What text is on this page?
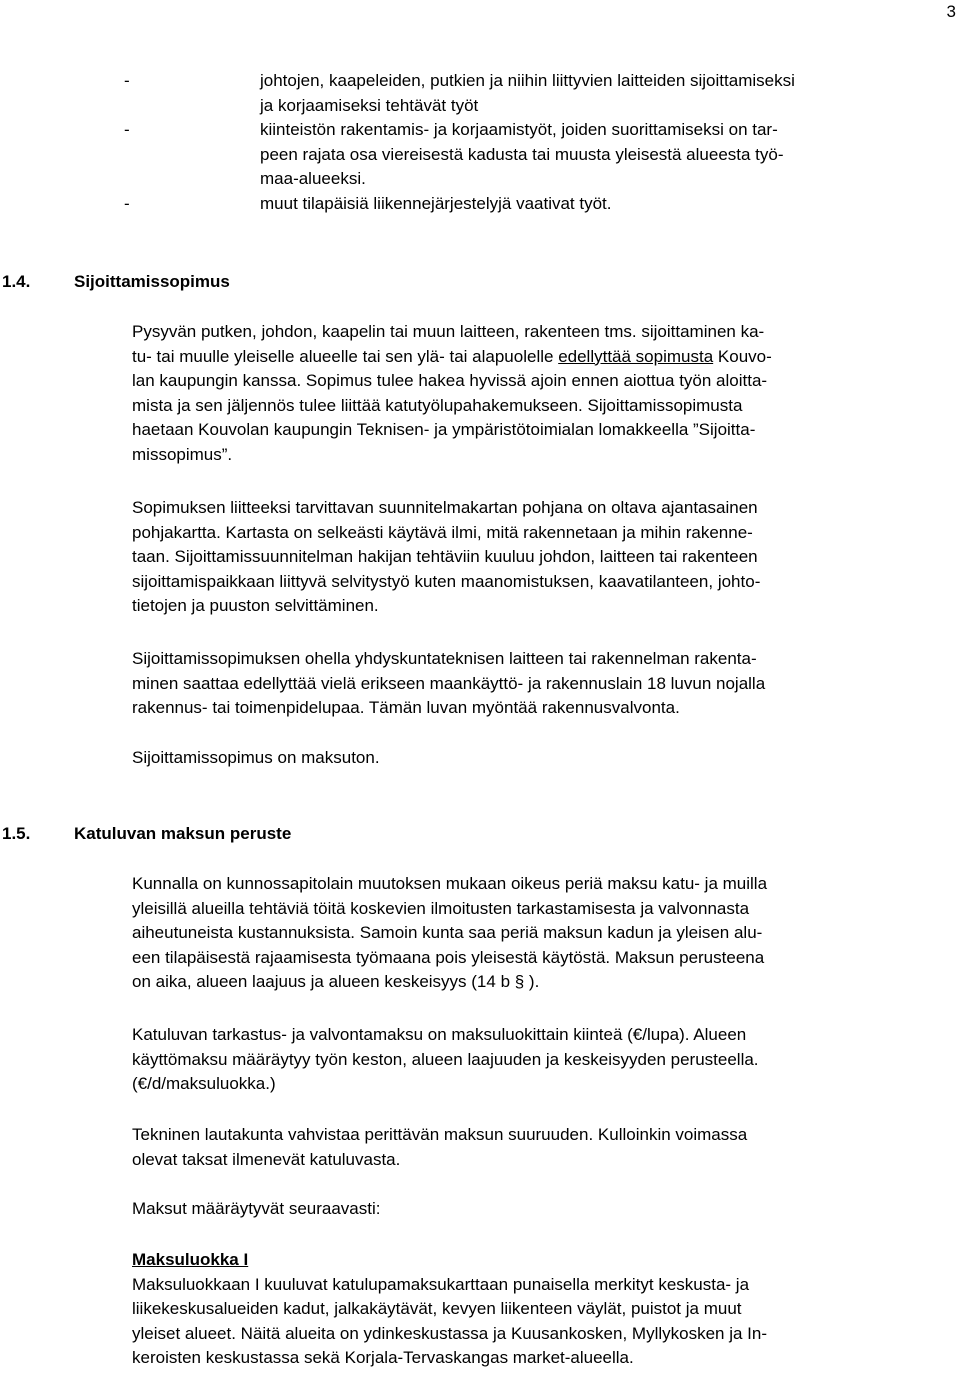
3
-	johtojen, kaapeleiden, putkien ja niihin liittyvien laitteiden sijoittamiseksi
ja korjaamiseksi tehtävät työt
-	kiinteistön rakentamis- ja korjaamistyöt, joiden suorittamiseksi on tar-
peen rajata osa viereisestä kadusta tai muusta yleisestä alueesta työ-
maa-alueeksi.
-	muut tilapäisiä liikennejärjestelyjä vaativat työt.
1.4.	Sijoittamissopimus
Pysyvän putken, johdon, kaapelin tai muun laitteen, rakenteen tms. sijoittaminen ka-
tu- tai muulle yleiselle alueelle tai sen ylä- tai alapuolelle edellyttää sopimusta Kouvo-
lan kaupungin kanssa. Sopimus tulee hakea hyvissä ajoin ennen aiottua työn aloitta-
mista ja sen jäljennös tulee liittää katutyölupahakemukseen. Sijoittamissopimusta
haetaan Kouvolan kaupungin Teknisen- ja ympäristötoimialan lomakkeella ”Sijoitta-
missopimus”.
Sopimuksen liitteeksi tarvittavan suunnitelmakartan pohjana on oltava ajantasainen
pohjakartta. Kartasta on selkeästi käytävä ilmi, mitä rakennetaan ja mihin rakenne-
taan. Sijoittamissuunnitelman hakijan tehtäviin kuuluu johdon, laitteen tai rakenteen
sijoittamispaikkaan liittyvä selvitystyö kuten maanomistuksen, kaavatilanteen, johto-
tietojen ja puuston selvittäminen.
Sijoittamissopimuksen ohella yhdyskuntateknisen laitteen tai rakennelman rakenta-
minen saattaa edellyttää vielä erikseen maankäyttö- ja rakennuslain 18 luvun nojalla
rakennus- tai toimenpidelupaa. Tämän luvan myöntää rakennusvalvonta.
Sijoittamissopimus on maksuton.
1.5.	Katuluvan maksun peruste
Kunnalla on kunnossapitolain muutoksen mukaan oikeus periä maksu katu- ja muilla
yleisillä alueilla tehtäviä töitä koskevien ilmoitusten tarkastamisesta ja valvonnasta
aiheutuneista kustannuksista. Samoin kunta saa periä maksun kadun ja yleisen alu-
een tilapäisestä rajaamisesta työmaana pois yleisestä käytöstä. Maksun perusteena
on aika, alueen laajuus ja alueen keskeisyys (14 b § ).
Katuluvan tarkastus- ja valvontamaksu on maksuluokittain kiinteä (€/lupa). Alueen
käyttömaksu määräytyy työn keston, alueen laajuuden ja keskeisyyden perusteella.
(€/d/maksuluokka.)
Tekninen lautakunta vahvistaa perittävän maksun suuruuden. Kulloinkin voimassa
olevat taksat ilmenevät katuluvasta.
Maksut määräytyvät seuraavasti:
Maksuluokka I
Maksuluokkaan I kuuluvat katulupamaksukarttaan punaisella merkityt keskusta- ja
liikekeskusalueiden kadut, jalkakäytävät, kevyen liikenteen väylät, puistot ja muut
yleiset alueet. Näitä alueita on ydinkeskustassa ja Kuusankosken, Myllykosken ja In-
keroisten keskustassa sekä Korjala-Tervaskangas market-alueella.
